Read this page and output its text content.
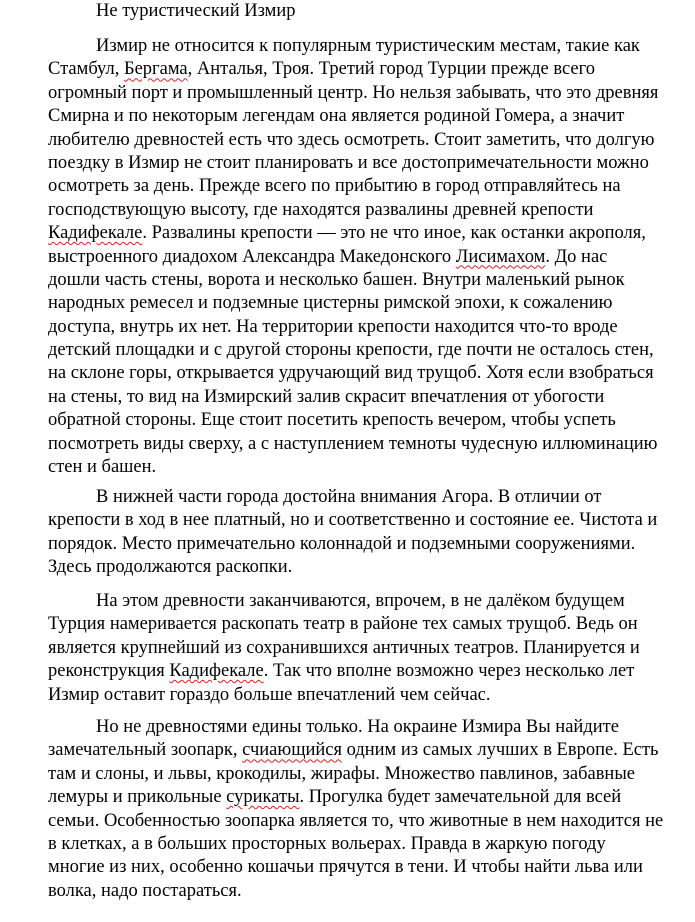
Не туристический Измир
Измир не относится к популярным туристическим местам, такие как
Стамбул, Бергама, Анталья, Троя. Третий город Турции прежде всего
огромный порт и промышленный центр. Но нельзя забывать, что это древняя
Смирна и по некоторым легендам она является родиной Гомера, а значит
любителю древностей есть что здесь осмотреть. Стоит заметить, что долгую
поездку в Измир не стоит планировать и все достопримечательности можно
осмотреть за день. Прежде всего по прибытию в город отправляйтесь на
господствующую высоту, где находятся развалины древней крепости
Кадифекале. Развалины крепости — это не что иное, как останки акрополя,
выстроенного диадохом Александра Македонского Лисимахом. До нас
дошли часть стены, ворота и несколько башен. Внутри маленький рынок
народных ремесел и подземные цистерны римской эпохи, к сожалению
доступа, внутрь их нет. На территории крепости находится что-то вроде
детский площадки и с другой стороны крепости, где почти не осталось стен,
на склоне горы, открывается удручающий вид трущоб. Хотя если взобраться
на стены, то вид на Измирский залив скрасит впечатления от убогости
обратной стороны. Еще стоит посетить крепость вечером, чтобы успеть
посмотреть виды сверху, а с наступлением темноты чудесную иллюминацию
стен и башен.
В нижней части города достойна внимания Агора. В отличии от
крепости в ход в нее платный, но и соответственно и состояние ее. Чистота и
порядок. Место примечательно колоннадой и подземными сооружениями.
Здесь продолжаются раскопки.
На этом древности заканчиваются, впрочем, в не далёком будущем
Турция намеривается раскопать театр в районе тех самых трущоб. Ведь он
является крупнейший из сохранившихся античных театров. Планируется и
реконструкция Кадифекале. Так что вполне возможно через несколько лет
Измир оставит гораздо больше впечатлений чем сейчас.
Но не древностями едины только. На окраине Измира Вы найдите
замечательный зоопарк, счиающийся одним из самых лучших в Европе. Есть
там и слоны, и львы, крокодилы, жирафы. Множество павлинов, забавные
лемуры и прикольные сурикаты. Прогулка будет замечательной для всей
семьи. Особенностью зоопарка является то, что животные в нем находится не
в клетках, а в больших просторных вольерах. Правда в жаркую погоду
многие из них, особенно кошачьи прячутся в тени. И чтобы найти льва или
волка, надо постараться.
